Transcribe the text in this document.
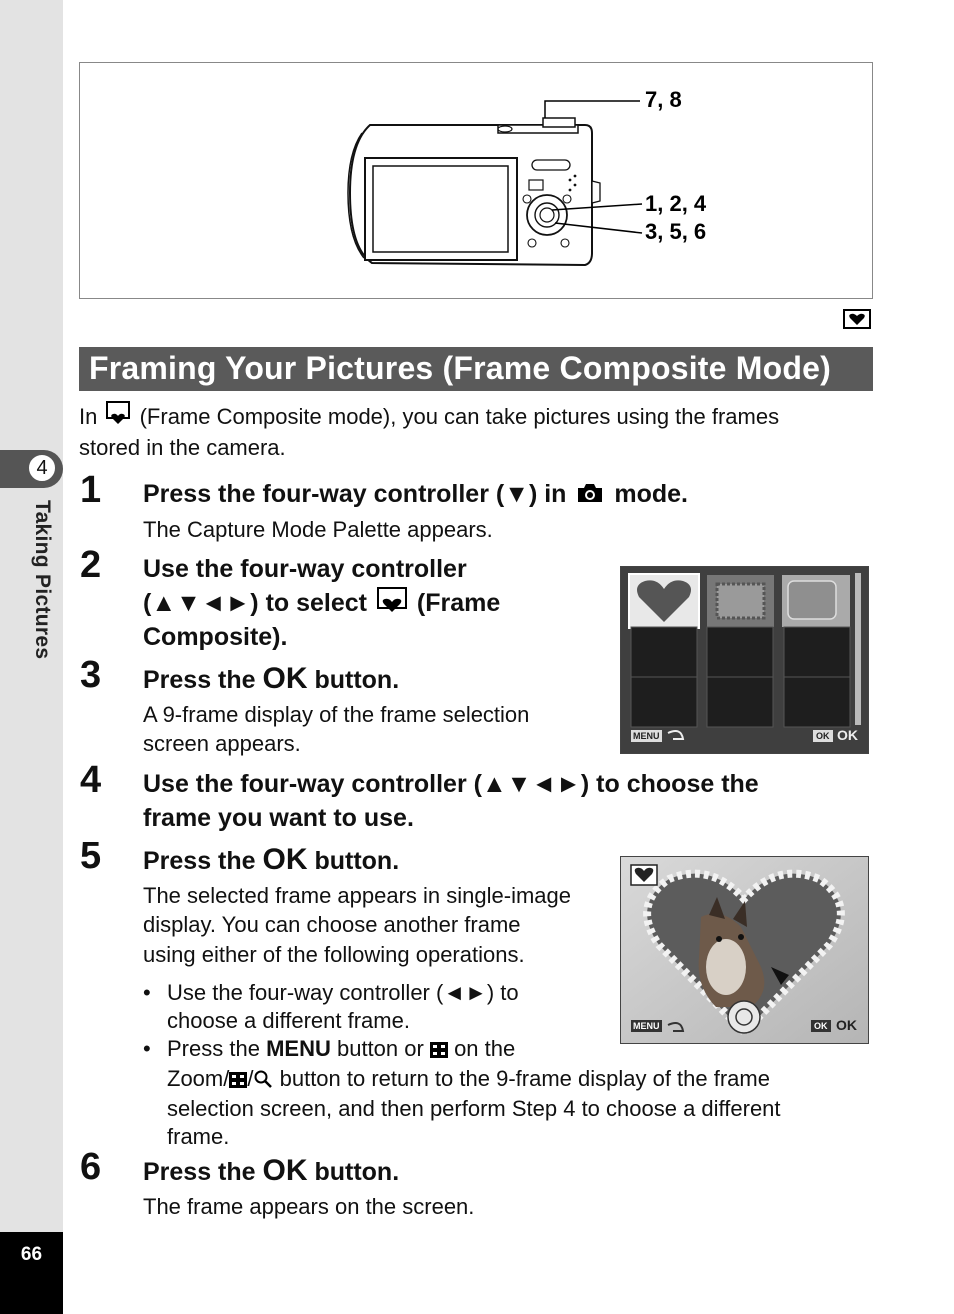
4
Taking Pictures
66
7, 8
1, 2, 4
3, 5, 6
Framing Your Pictures (Frame Composite Mode)
In (Frame Composite mode), you can take pictures using the frames
stored in the camera.
1 Press the four-way controller (▼) in mode.
The Capture Mode Palette appears.
2 Use the four-way controller
(▲▼◄►) to select (Frame
Composite).
3 Press the OK button.
A 9-frame display of the frame selection
screen appears.	MENU	OK OK
4 Use the four-way controller (▲▼◄►) to choose the
frame you want to use.
5 Press the OK button.
The selected frame appears in single-image
display. You can choose another frame
using either of the following operations.
• Use the four-way controller (◄►) to
choose a different frame.
• Press the MENU button or on the
Zoom/ / button to return to the 9-frame display of the frame
selection screen, and then perform Step 4 to choose a different
frame.
MENU	OK OK
6 Press the OK button.
The frame appears on the screen.
